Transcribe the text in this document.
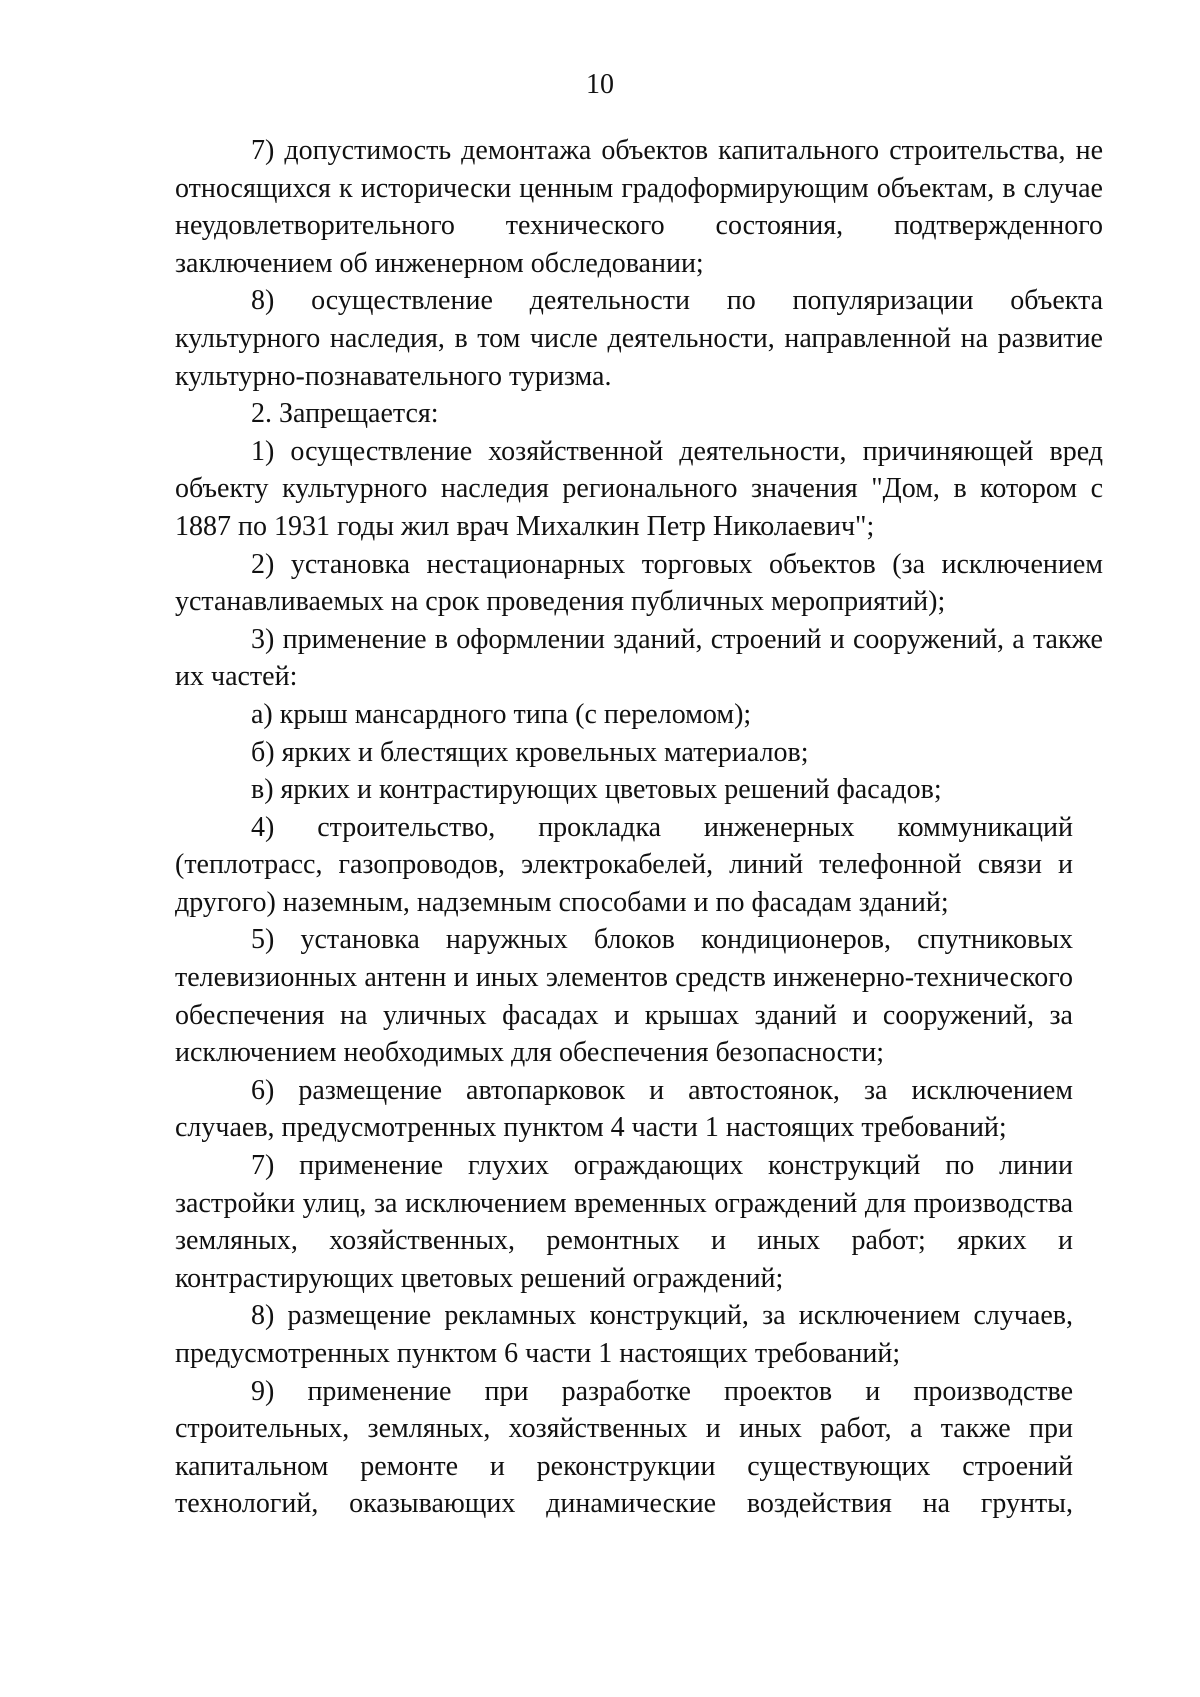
10

7) допустимость демонтажа объектов капитального строительства, не относящихся к исторически ценным градоформирующим объектам, в случае неудовлетворительного технического состояния, подтвержденного заключением об инженерном обследовании;

8) осуществление деятельности по популяризации объекта культурного наследия, в том числе деятельности, направленной на развитие культурно-познавательного туризма.

2. Запрещается:

1) осуществление хозяйственной деятельности, причиняющей вред объекту культурного наследия регионального значения "Дом, в котором с 1887 по 1931 годы жил врач Михалкин Петр Николаевич";

2) установка нестационарных торговых объектов (за исключением устанавливаемых на срок проведения публичных мероприятий);

3) применение в оформлении зданий, строений и сооружений, а также их частей:

а) крыш мансардного типа (с переломом);

б) ярких и блестящих кровельных материалов;

в) ярких и контрастирующих цветовых решений фасадов;

4) строительство, прокладка инженерных коммуникаций (теплотрасс, газопроводов, электрокабелей, линий телефонной связи и другого) наземным, надземным способами и по фасадам зданий;

5) установка наружных блоков кондиционеров, спутниковых телевизионных антенн и иных элементов средств инженерно-технического обеспечения на уличных фасадах и крышах зданий и сооружений, за исключением необходимых для обеспечения безопасности;

6) размещение автопарковок и автостоянок, за исключением случаев, предусмотренных пунктом 4 части 1 настоящих требований;

7) применение глухих ограждающих конструкций по линии застройки улиц, за исключением временных ограждений для производства земляных, хозяйственных, ремонтных и иных работ; ярких и контрастирующих цветовых решений ограждений;

8) размещение рекламных конструкций, за исключением случаев, предусмотренных пунктом 6 части 1 настоящих требований;

9) применение при разработке проектов и производстве строительных, земляных, хозяйственных и иных работ, а также при капитальном ремонте и реконструкции существующих строений технологий, оказывающих динамические воздействия на грунты,
